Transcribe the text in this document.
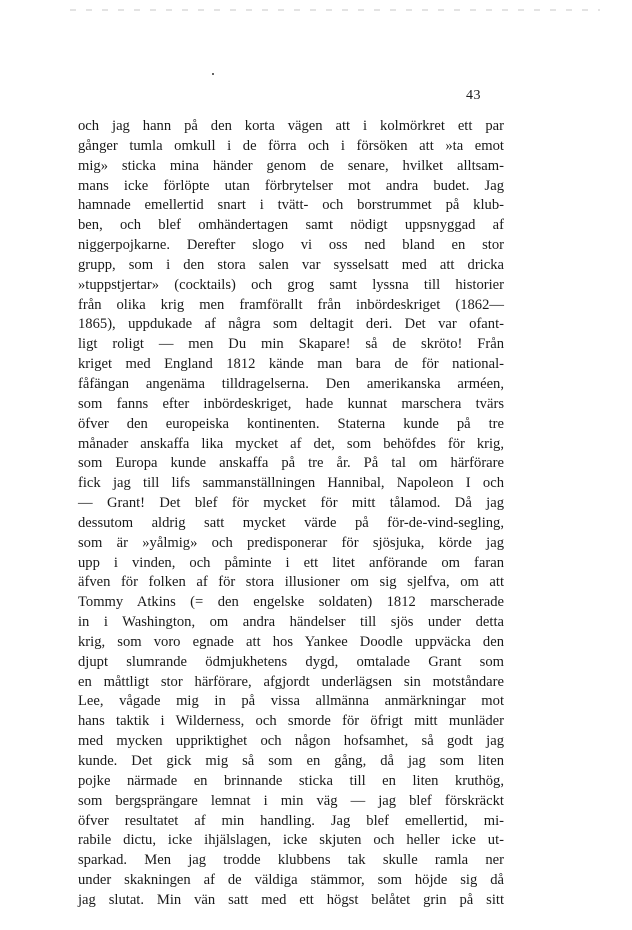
43
och jag hann på den korta vägen att i kolmörkret ett par
gånger tumla omkull i de förra och i försöken att »ta emot
mig» sticka mina händer genom de senare, hvilket alltsam-
mans icke förlöpte utan förbrytelser mot andra budet. Jag
hamnade emellertid snart i tvätt- och borstrummet på klub-
ben, och blef omhändertagen samt nödigt uppsnyggad af
niggerpojkarne. Derefter slogo vi oss ned bland en stor
grupp, som i den stora salen var sysselsatt med att dricka
»tuppstjertar» (cocktails) och grog samt lyssna till historier
från olika krig men framförallt från inbördeskriget (1862—
1865), uppdukade af några som deltagit deri. Det var ofant-
ligt roligt — men Du min Skapare! så de skröto! Från
kriget med England 1812 kände man bara de för national-
fåfängan angenäma tilldragelserna. Den amerikanska arméen,
som fanns efter inbördeskriget, hade kunnat marschera tvärs
öfver den europeiska kontinenten. Staterna kunde på tre
månader anskaffa lika mycket af det, som behöfdes för krig,
som Europa kunde anskaffa på tre år. På tal om härförare
fick jag till lifs sammanställningen Hannibal, Napoleon I och
— Grant! Det blef för mycket för mitt tålamod. Då jag
dessutom aldrig satt mycket värde på för-de-vind-segling,
som är »yålmig» och predisponerar för sjösjuka, körde jag
upp i vinden, och påminte i ett litet anförande om faran
äfven för folken af för stora illusioner om sig sjelfva, om att
Tommy Atkins (= den engelske soldaten) 1812 marscherade
in i Washington, om andra händelser till sjös under detta
krig, som voro egnade att hos Yankee Doodle uppväcka den
djupt slumrande ödmjukhetens dygd, omtalade Grant som
en måttligt stor härförare, afgjordt underlägsen sin motståndare
Lee, vågade mig in på vissa allmänna anmärkningar mot
hans taktik i Wilderness, och smorde för öfrigt mitt munläder
med mycken uppriktighet och någon hofsamhet, så godt jag
kunde. Det gick mig så som en gång, då jag som liten
pojke närmade en brinnande sticka till en liten kruthög,
som bergsprängare lemnat i min väg — jag blef förskräckt
öfver resultatet af min handling. Jag blef emellertid, mi-
rabile dictu, icke ihjälslagen, icke skjuten och heller icke ut-
sparkad. Men jag trodde klubbens tak skulle ramla ner
under skakningen af de väldiga stämmor, som höjde sig då
jag slutat. Min vän satt med ett högst belåtet grin på sitt
